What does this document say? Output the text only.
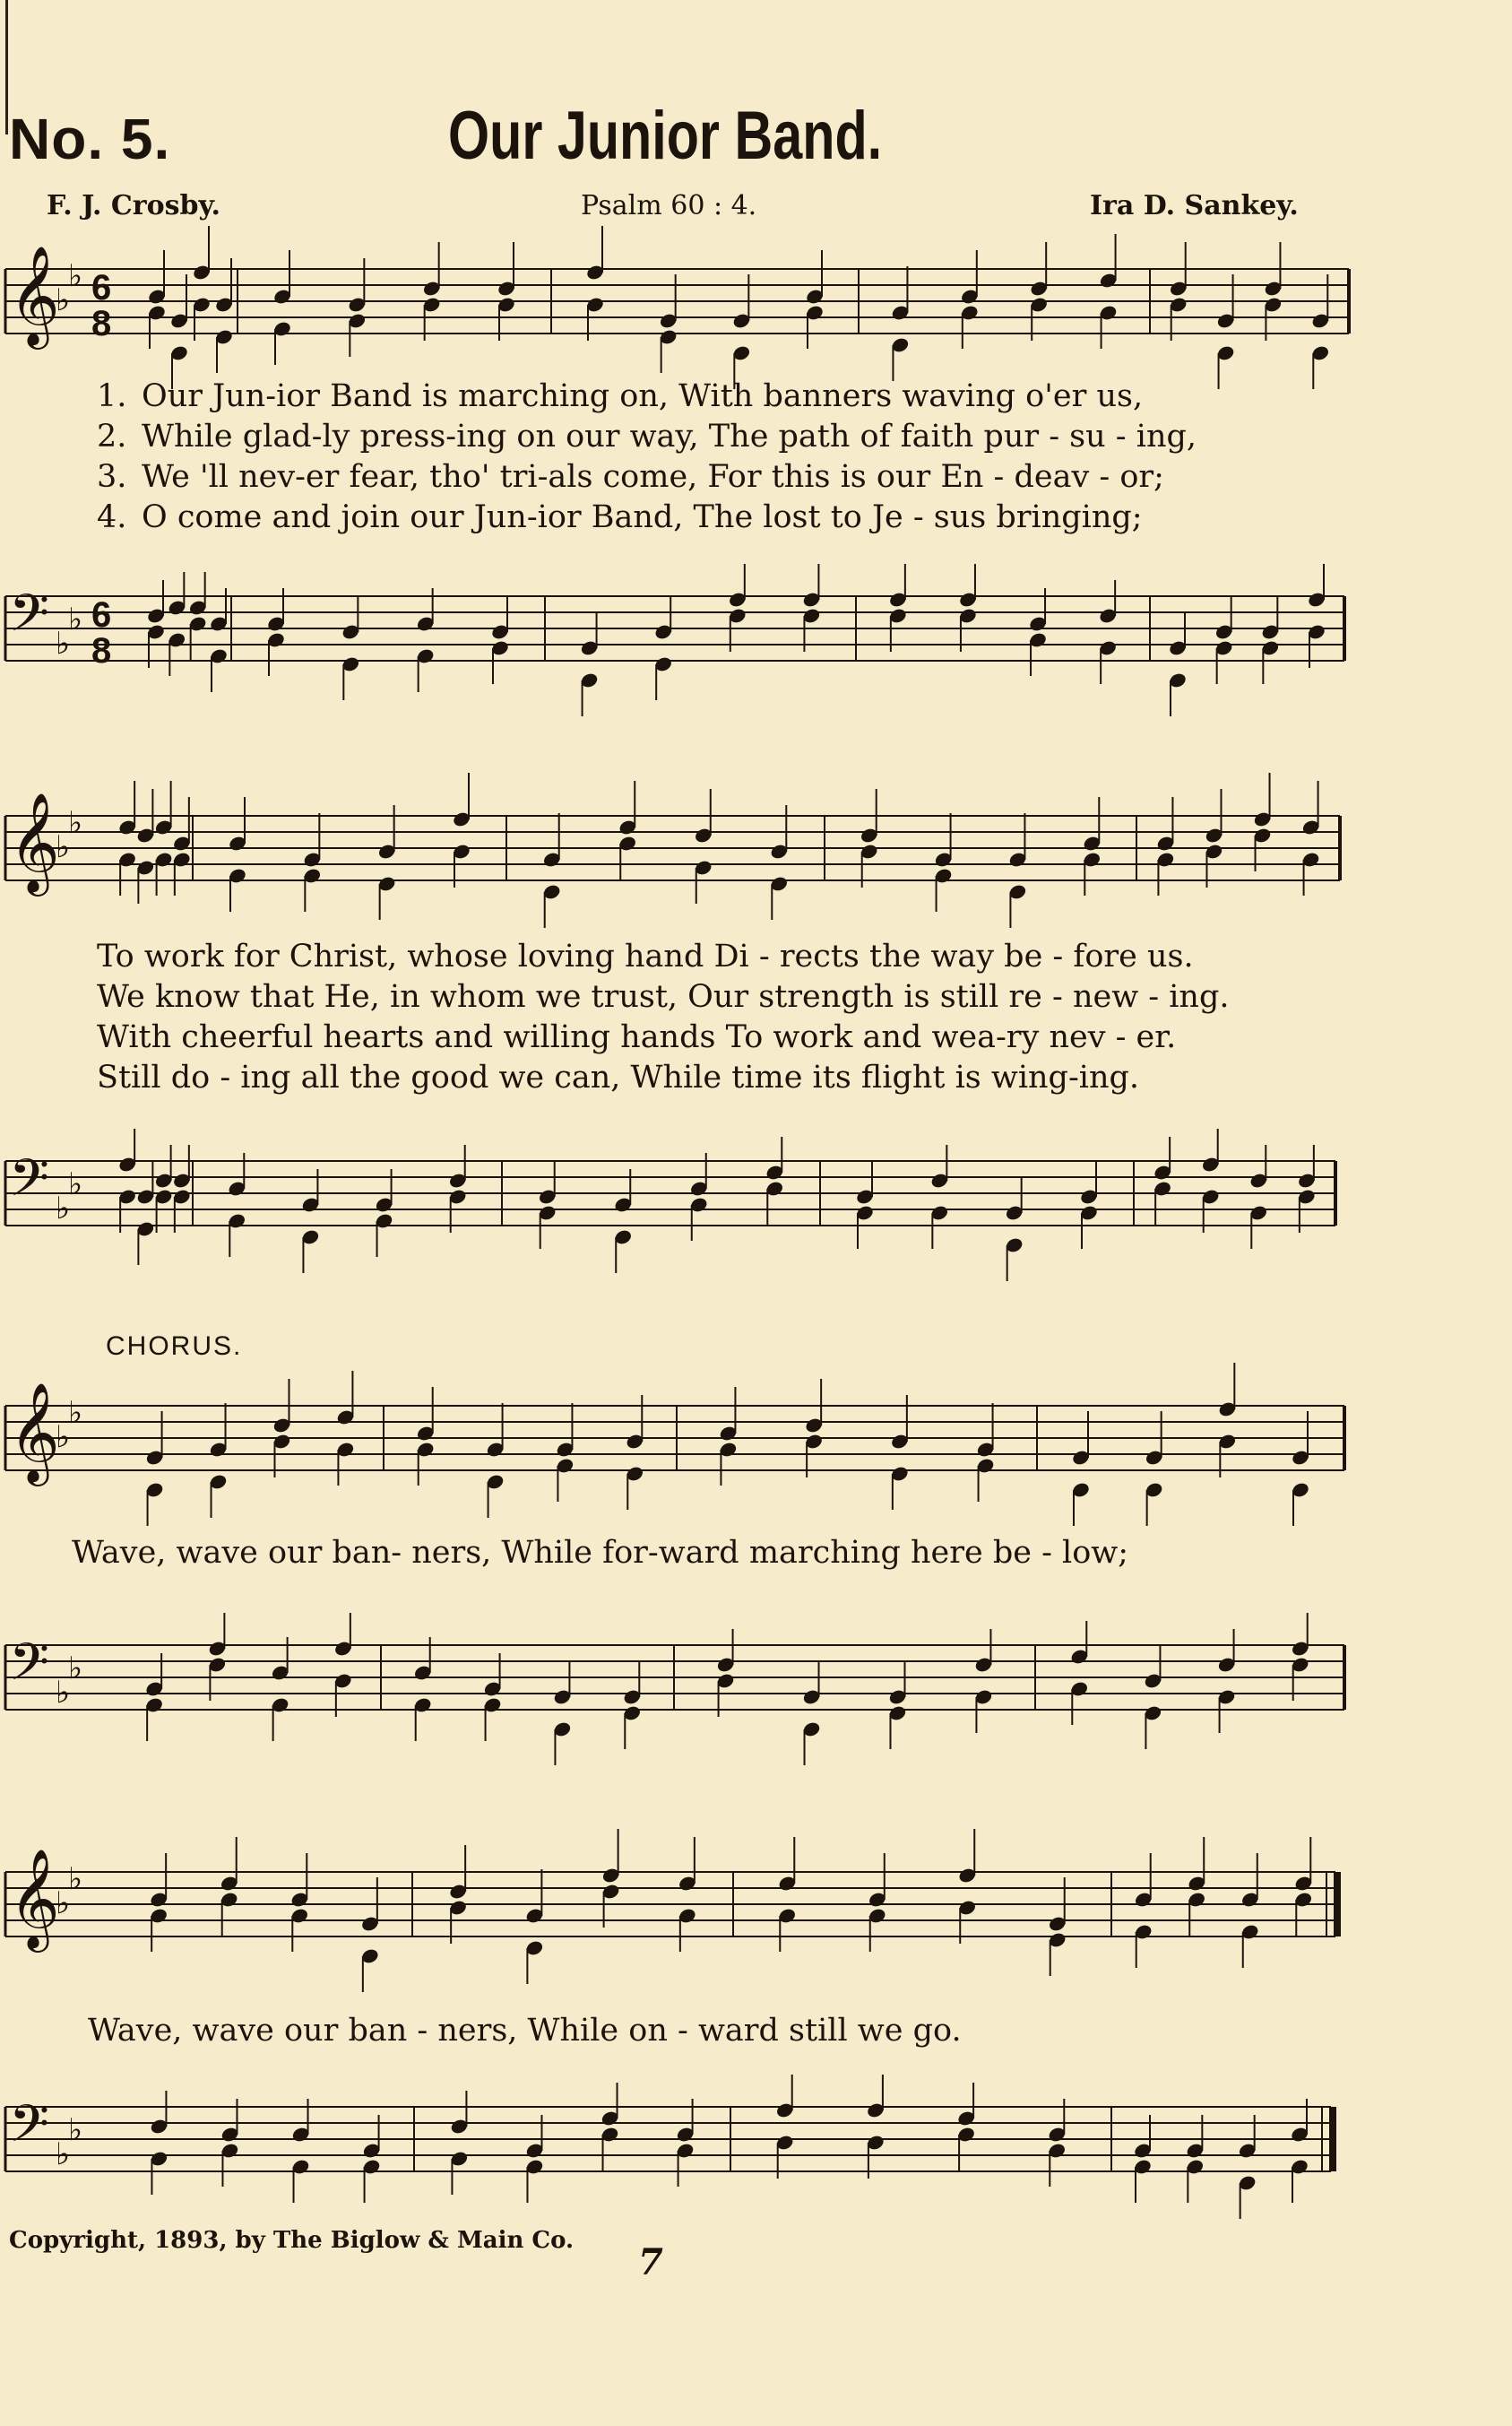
No. 5.	Our Junior Band.
F. J. Crosby.	Psalm 60 : 4.	Ira D. Sankey.
𝄞
♭
♭ 6
8
1. Our Jun-ior Band is marching on, With banners waving o'er us,
2. While glad-ly press-ing on our way, The path of faith pur - su - ing,
3. We 'll nev-er fear, tho' tri-als come, For this is our En - deav - or;
4. O come and join our Jun-ior Band, The lost to Je - sus bringing;
𝄢 ♭
♭ 6
8
𝄞
♭
♭
To work for Christ, whose loving hand Di - rects the way be - fore us.
We know that He, in whom we trust, Our strength is still re - new - ing.
With cheerful hearts and willing hands To work and wea-ry nev - er.
Still do - ing all the good we can, While time its flight is wing-ing.
𝄢 ♭
♭
CHORUS.
𝄞
♭
♭
Wave, wave our ban- ners, While for-ward marching here be - low;
𝄢 ♭
♭
𝄞
♭
♭
Wave, wave our ban - ners, While on - ward still we go.
𝄢 ♭
♭
Copyright, 1893, by The Biglow & Main Co.
7
